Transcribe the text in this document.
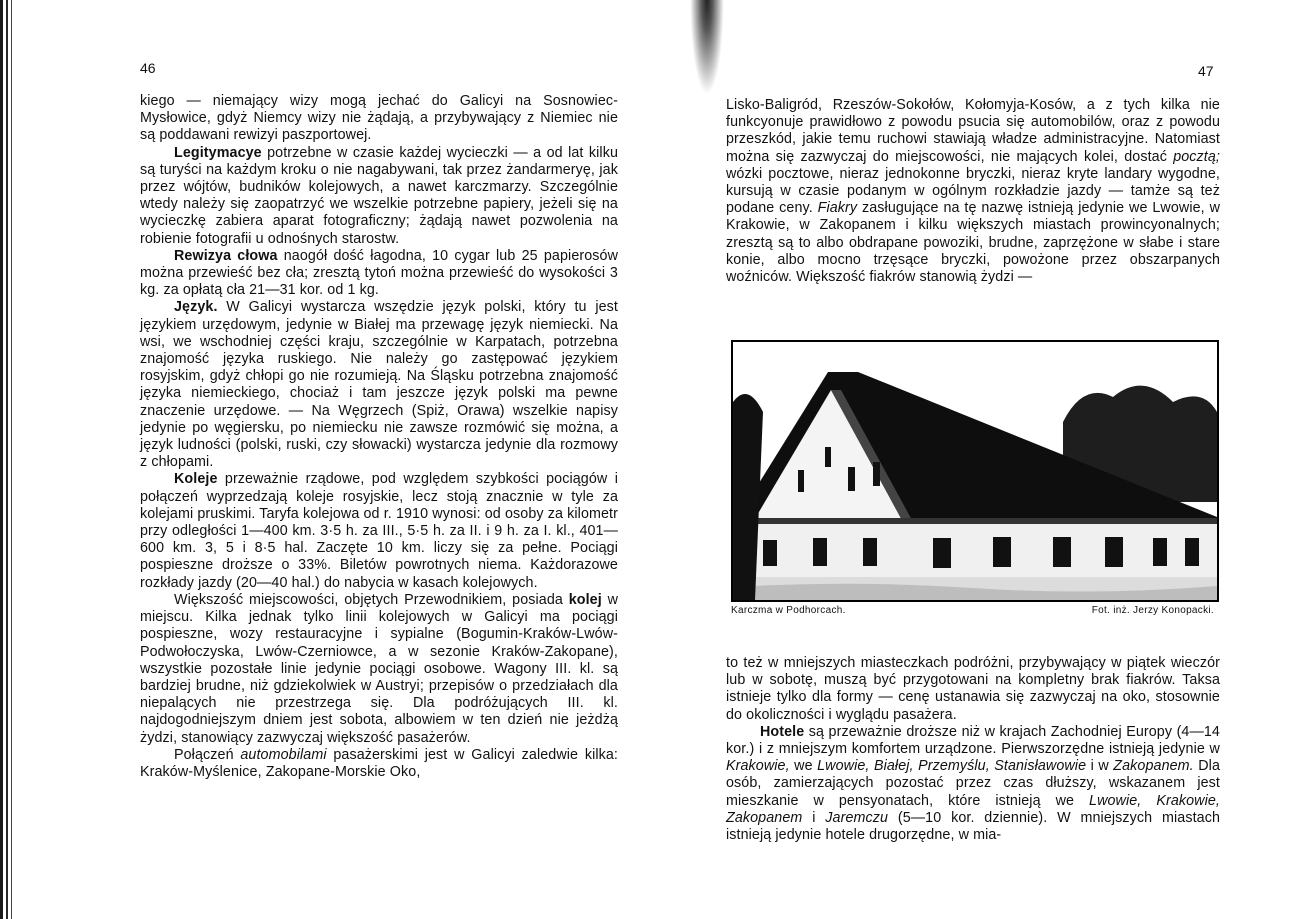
46

kiego — niemający wizy mogą jechać do Galicyi na Sosnowiec-Mysłowice, gdyż Niemcy wizy nie żądają, a przybywający z Niemiec nie są poddawani rewizyi paszportowej.

Legitymacye potrzebne w czasie każdej wycieczki — a od lat kilku są turyści na każdym kroku o nie nagabywani, tak przez żandarmeryę, jak przez wójtów, budników kolejowych, a nawet karczmarzy. Szczególnie wtedy należy się zaopatrzyć we wszelkie potrzebne papiery, jeżeli się na wycieczkę zabiera aparat fotograficzny; żądają nawet pozwolenia na robienie fotografii u odnośnych starostw.

Rewizya cłowa naogół dość łagodna, 10 cygar lub 25 papierosów można przewieść bez cła; zresztą tytoń można przewieść do wysokości 3 kg. za opłatą cła 21—31 kor. od 1 kg.

Język. W Galicyi wystarcza wszędzie język polski, który tu jest językiem urzędowym, jedynie w Białej ma przewagę język niemiecki. Na wsi, we wschodniej części kraju, szczególnie w Karpatach, potrzebna znajomość języka ruskiego. Nie należy go zastępować językiem rosyjskim, gdyż chłopi go nie rozumieją. Na Śląsku potrzebna znajomość języka niemieckiego, chociaż i tam jeszcze język polski ma pewne znaczenie urzędowe. — Na Węgrzech (Spiż, Orawa) wszelkie napisy jedynie po węgiersku, po niemiecku nie zawsze rozmówić się można, a język ludności (polski, ruski, czy słowacki) wystarcza jedynie dla rozmowy z chłopami.

Koleje przeważnie rządowe, pod względem szybkości pociągów i połączeń wyprzedzają koleje rosyjskie, lecz stoją znacznie w tyle za kolejami pruskimi. Taryfa kolejowa od r. 1910 wynosi: od osoby za kilometr przy odległości 1—400 km. 3·5 h. za III., 5·5 h. za II. i 9 h. za I. kl., 401—600 km. 3, 5 i 8·5 hal. Zaczęte 10 km. liczy się za pełne. Pociągi pospieszne droższe o 33%. Biletów powrotnych niema. Każdorazowe rozkłady jazdy (20—40 hal.) do nabycia w kasach kolejowych.

Większość miejscowości, objętych Przewodnikiem, posiada kolej w miejscu. Kilka jednak tylko linii kolejowych w Galicyi ma pociągi pospieszne, wozy restauracyjne i sypialne (Bogumin-Kraków-Lwów-Podwołoczyska, Lwów-Czerniowce, a w sezonie Kraków-Zakopane), wszystkie pozostałe linie jedynie pociągi osobowe. Wagony III. kl. są bardziej brudne, niż gdziekolwiek w Austryi; przepisów o przedziałach dla niepalących nie przestrzega się. Dla podróżujących III. kl. najdogodniejszym dniem jest sobota, albowiem w ten dzień nie jeżdżą żydzi, stanowiący zazwyczaj większość pasażerów.

Połączeń automobilami pasażerskimi jest w Galicyi zaledwie kilka: Kraków-Myślenice, Zakopane-Morskie Oko,

47

Lisko-Baligród, Rzeszów-Sokołów, Kołomyja-Kosów, a z tych kilka nie funkcyonuje prawidłowo z powodu psucia się automobilów, oraz z powodu przeszkód, jakie temu ruchowi stawiają władze administracyjne. Natomiast można się zazwyczaj do miejscowości, nie mających kolei, dostać pocztą; wózki pocztowe, nieraz jednokonne bryczki, nieraz kryte landary wygodne, kursują w czasie podanym w ogólnym rozkładzie jazdy — tamże są też podane ceny. Fiakry zasługujące na tę nazwę istnieją jedynie we Lwowie, w Krakowie, w Zakopanem i kilku większych miastach prowincyonalnych; zresztą są to albo obdrapane powoziki, brudne, zaprzężone w słabe i stare konie, albo mocno trzęsące bryczki, powożone przez obszarpanych woźniców. Większość fiakrów stanowią żydzi —

Karczma w Podhorcach.	Fot. inż. Jerzy Konopacki.

to też w mniejszych miasteczkach podróżni, przybywający w piątek wieczór lub w sobotę, muszą być przygotowani na kompletny brak fiakrów. Taksa istnieje tylko dla formy — cenę ustanawia się zazwyczaj na oko, stosownie do okoliczności i wyglądu pasażera.

Hotele są przeważnie droższe niż w krajach Zachodniej Europy (4—14 kor.) i z mniejszym komfortem urządzone. Pierwszorzędne istnieją jedynie w Krakowie, we Lwowie, Białej, Przemyślu, Stanisławowie i w Zakopanem. Dla osób, zamierzających pozostać przez czas dłuższy, wskazanem jest mieszkanie w pensyonatach, które istnieją we Lwowie, Krakowie, Zakopanem i Jaremczu (5—10 kor. dziennie). W mniejszych miastach istnieją jedynie hotele drugorzędne, w mia-
